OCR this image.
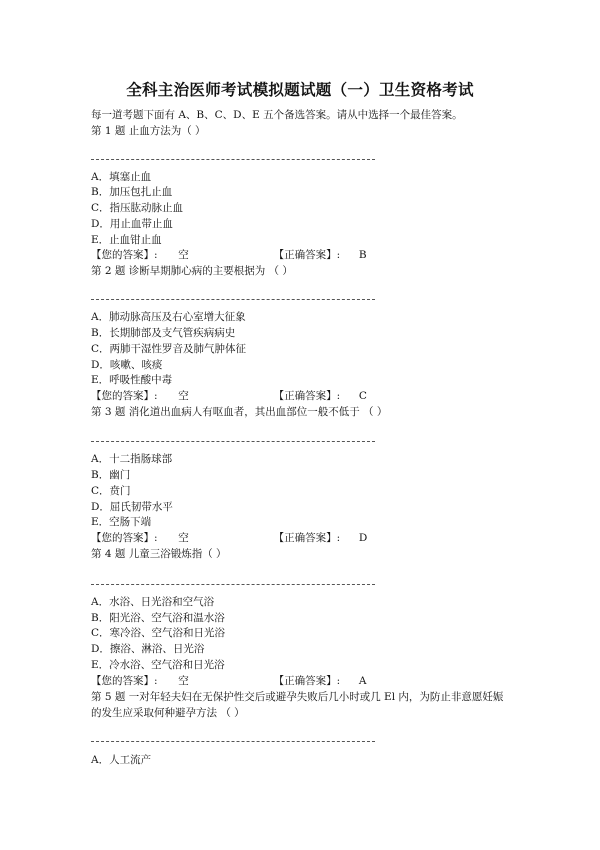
全科主治医师考试模拟题试题（一）卫生资格考试
每一道考题下面有 A、B、C、D、E 五个备选答案。请从中选择一个最佳答案。
第 1 题 止血方法为（ ）
A．填塞止血
B．加压包扎止血
C．指压肱动脉止血
D．用止血带止血
E．止血钳止血
【您的答案】: 空	【正确答案】: B
第 2 题 诊断早期肺心病的主要根据为 （ ）
A．肺动脉高压及右心室增大征象
B．长期肺部及支气管疾病病史
C．两肺干湿性罗音及肺气肿体征
D．咳嗽、咳痰
E．呼吸性酸中毒
【您的答案】: 空	【正确答案】: C
第 3 题 消化道出血病人有呕血者，其出血部位一般不低于 （ ）
A．十二指肠球部
B．幽门
C．贲门
D．屈氏韧带水平
E．空肠下端
【您的答案】: 空	【正确答案】: D
第 4 题 儿童三浴锻炼指（ ）
A．水浴、日光浴和空气浴
B．阳光浴、空气浴和温水浴
C．寒冷浴、空气浴和日光浴
D．擦浴、淋浴、日光浴
E．冷水浴、空气浴和日光浴
【您的答案】: 空	【正确答案】: A
第 5 题 一对年轻夫妇在无保护性交后或避孕失败后几小时或几 El 内，为防止非意愿妊娠
的发生应采取何种避孕方法 （ ）
A．人工流产
